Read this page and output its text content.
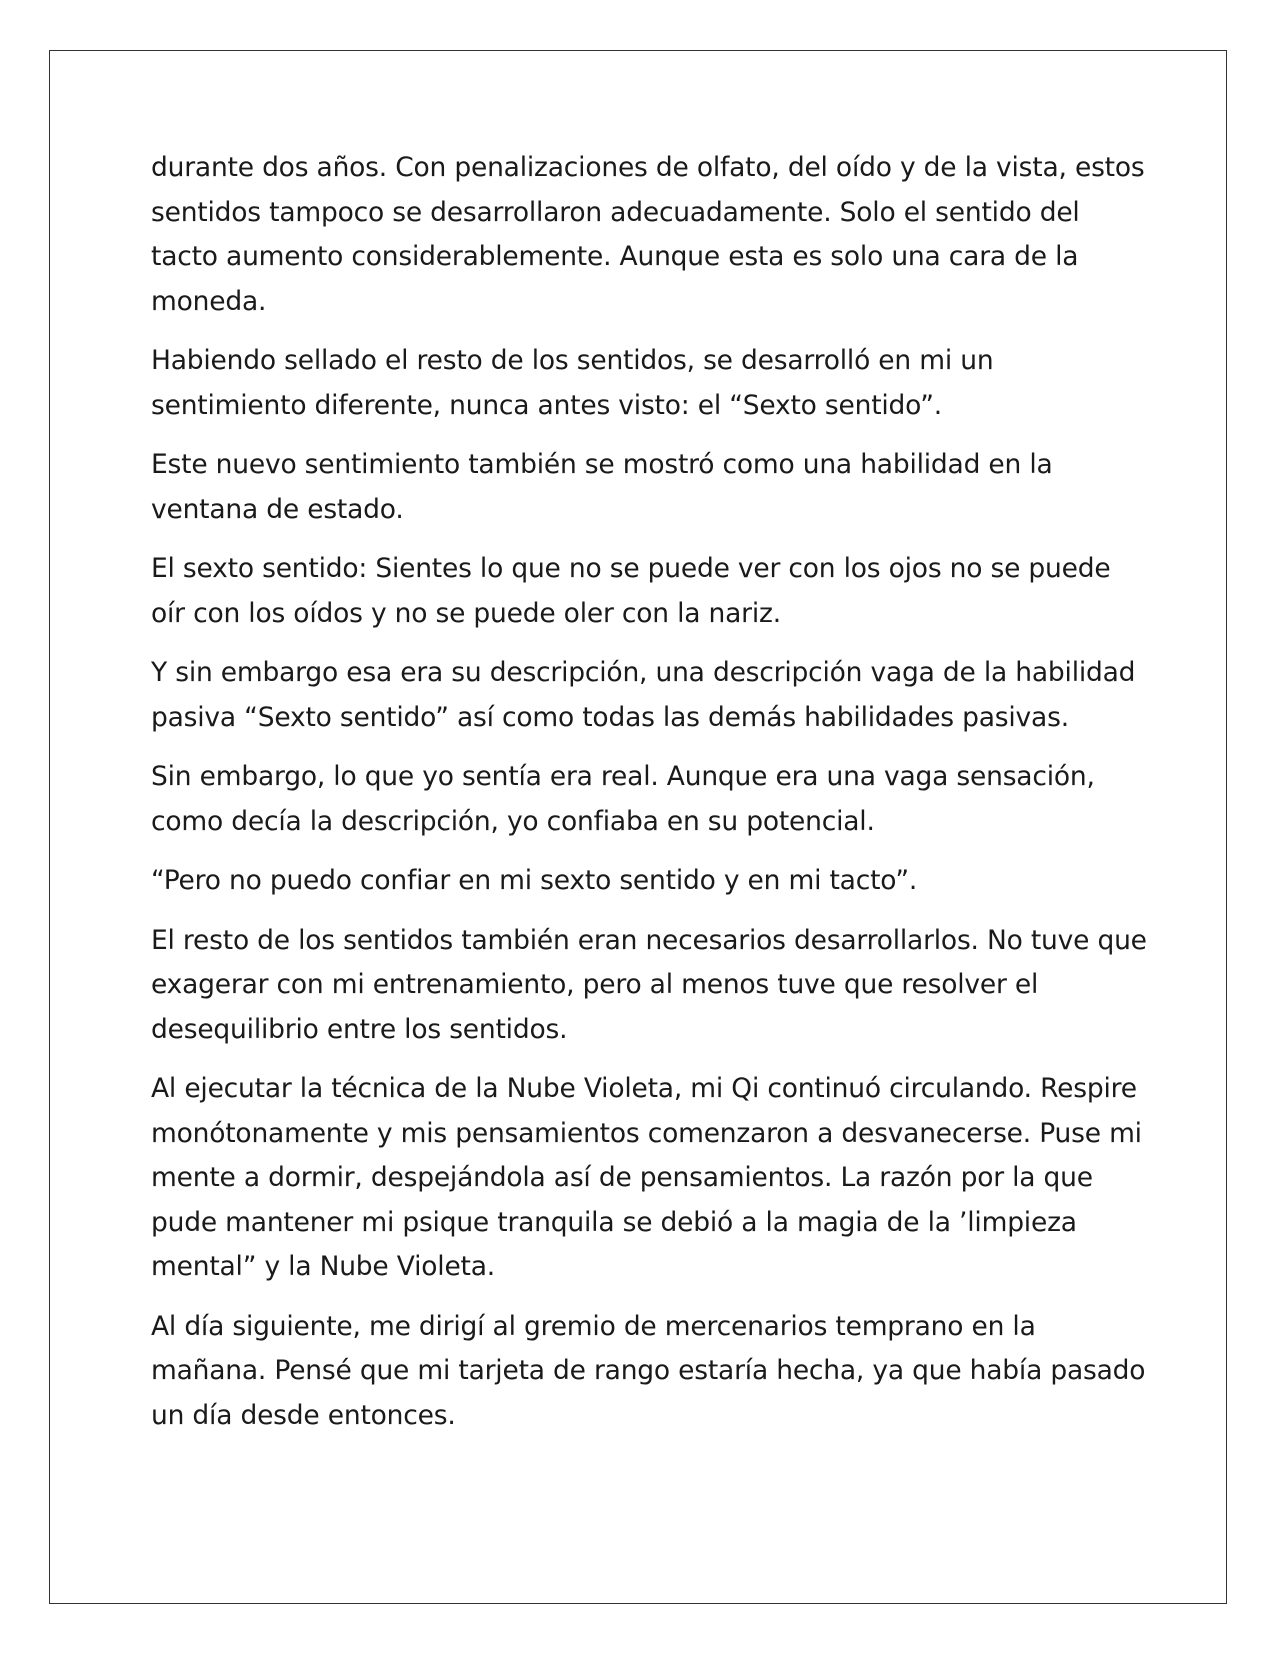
durante dos años. Con penalizaciones de olfato, del oído y de la vista, estos sentidos tampoco se desarrollaron adecuadamente. Solo el sentido del tacto aumento considerablemente. Aunque esta es solo una cara de la moneda.

Habiendo sellado el resto de los sentidos, se desarrolló en mi un sentimiento diferente, nunca antes visto: el “Sexto sentido”.

Este nuevo sentimiento también se mostró como una habilidad en la ventana de estado.

El sexto sentido: Sientes lo que no se puede ver con los ojos no se puede oír con los oídos y no se puede oler con la nariz.

Y sin embargo esa era su descripción, una descripción vaga de la habilidad pasiva “Sexto sentido” así como todas las demás habilidades pasivas.

Sin embargo, lo que yo sentía era real. Aunque era una vaga sensación, como decía la descripción, yo confiaba en su potencial.

“Pero no puedo confiar en mi sexto sentido y en mi tacto”.

El resto de los sentidos también eran necesarios desarrollarlos. No tuve que exagerar con mi entrenamiento, pero al menos tuve que resolver el desequilibrio entre los sentidos.

Al ejecutar la técnica de la Nube Violeta, mi Qi continuó circulando. Respire monótonamente y mis pensamientos comenzaron a desvanecerse. Puse mi mente a dormir, despejándola así de pensamientos. La razón por la que pude mantener mi psique tranquila se debió a la magia de la ’limpieza mental” y la Nube Violeta.

Al día siguiente, me dirigí al gremio de mercenarios temprano en la mañana. Pensé que mi tarjeta de rango estaría hecha, ya que había pasado un día desde entonces.
